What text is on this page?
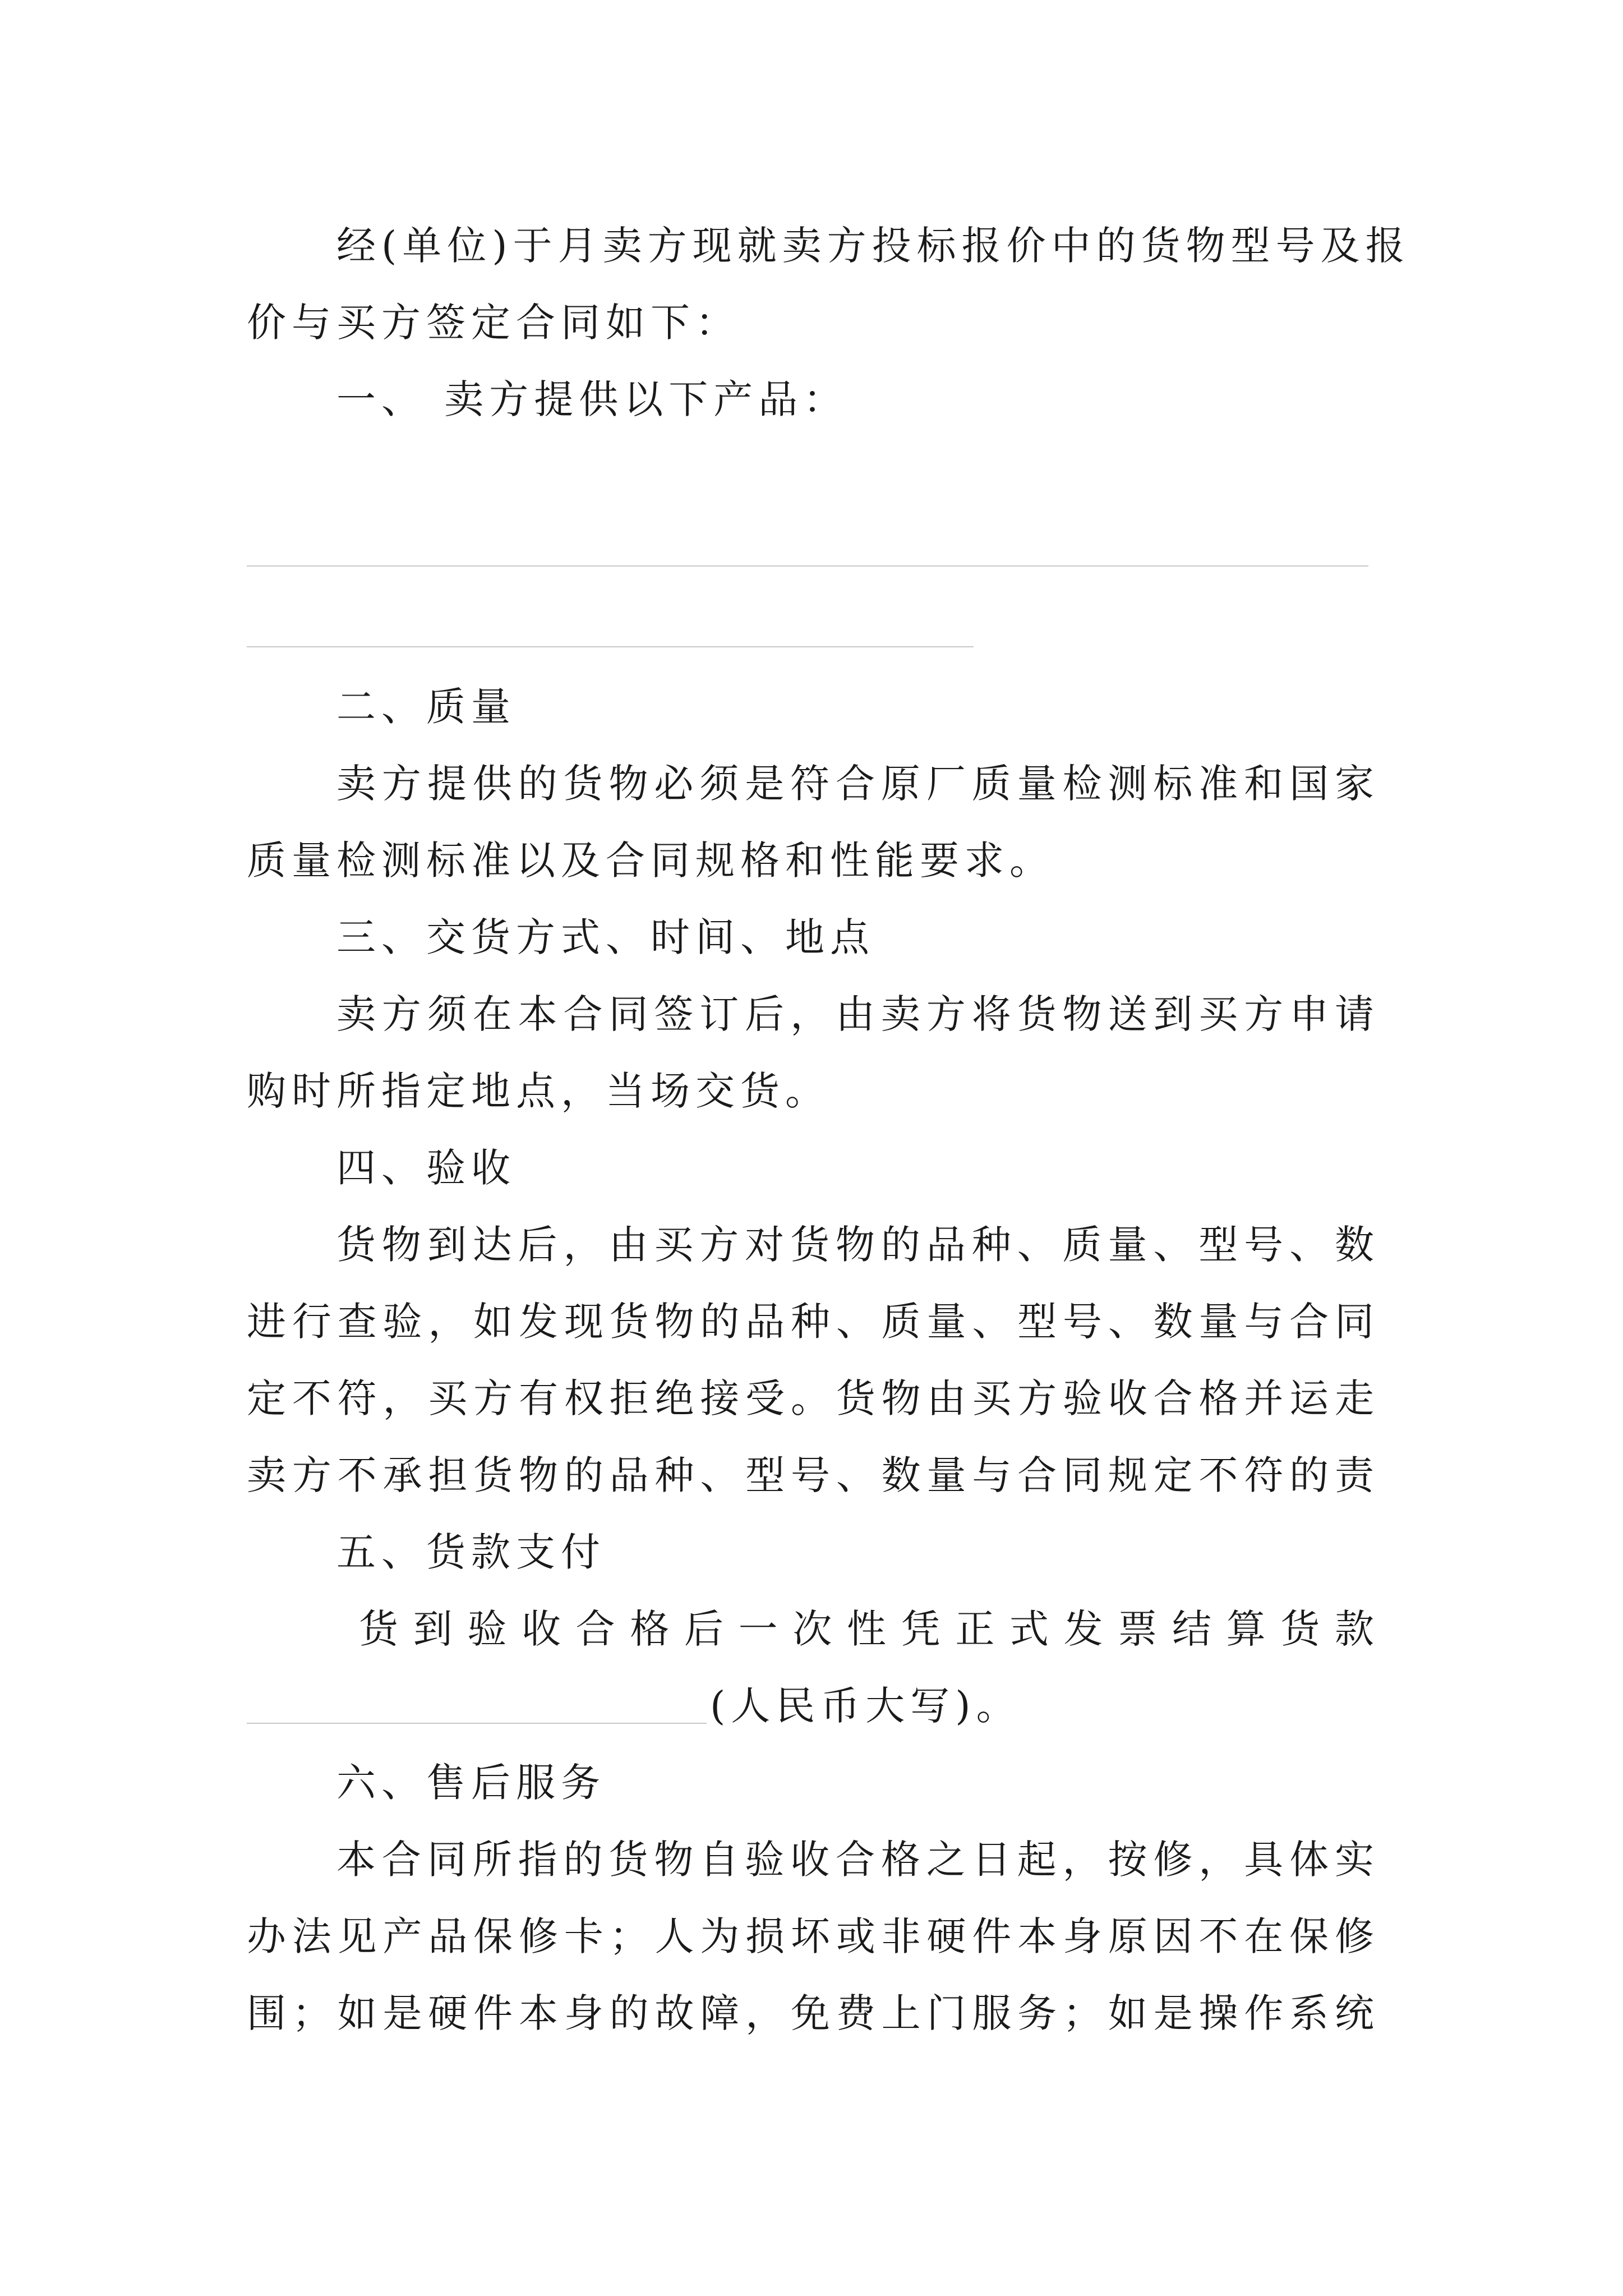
经(单位)于月卖方现就卖方投标报价中的货物型号及报
价与买方签定合同如下：
一、 卖方提供以下产品：
二、质量
卖方提供的货物必须是符合原厂质量检测标准和国家
质量检测标准以及合同规格和性能要求。
三、交货方式、时间、地点
卖方须在本合同签订后，由卖方将货物送到买方申请
购时所指定地点，当场交货。
四、验收
货物到达后，由买方对货物的品种、质量、型号、数
进行查验，如发现货物的品种、质量、型号、数量与合同
定不符，买方有权拒绝接受。货物由买方验收合格并运走
卖方不承担货物的品种、型号、数量与合同规定不符的责
五、货款支付
货到验收合格后一次性凭正式发票结算货款
(人民币大写)。
六、售后服务
本合同所指的货物自验收合格之日起，按修，具体实
办法见产品保修卡；人为损坏或非硬件本身原因不在保修
围；如是硬件本身的故障，免费上门服务；如是操作系统
